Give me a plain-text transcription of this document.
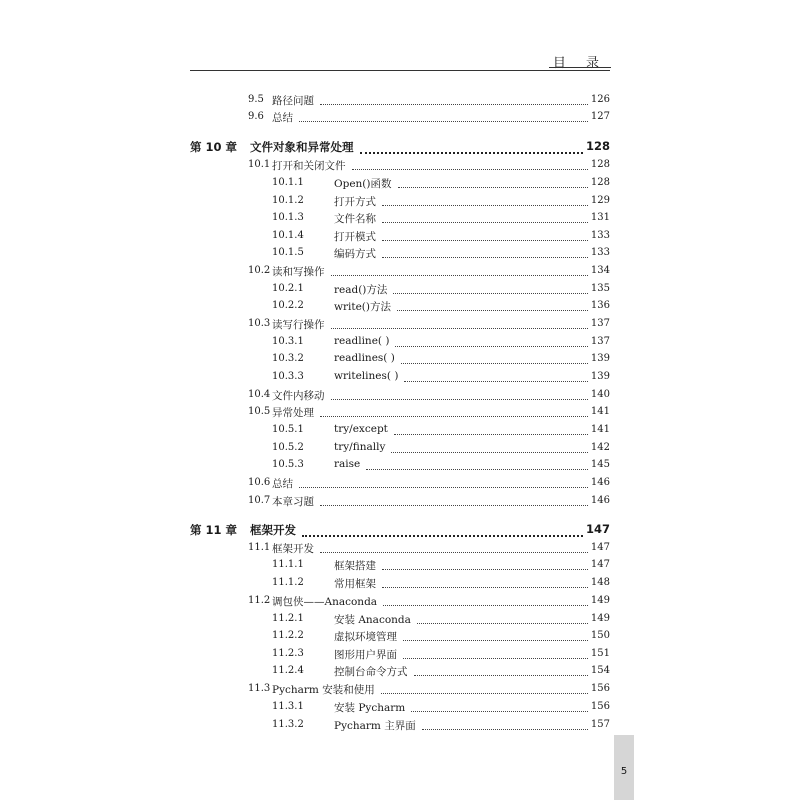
目 录
9.5 路径问题	126
9.6 总结	127
第 10 章 文件对象和异常处理	128
10.1 打开和关闭文件	128
10.1.1	Open()函数	128
10.1.2	打开方式	129
10.1.3	文件名称	131
10.1.4	打开模式	133
10.1.5	编码方式	133
10.2 读和写操作	134
10.2.1	read()方法	135
10.2.2	write()方法	136
10.3 读写行操作	137
10.3.1	readline( )	137
10.3.2	readlines( )	139
10.3.3	writelines( )	139
10.4 文件内移动	140
10.5 异常处理	141
10.5.1	try/except	141
10.5.2	try/finally	142
10.5.3	raise	145
10.6 总结	146
10.7 本章习题	146
第 11 章 框架开发	147
11.1 框架开发	147
11.1.1	框架搭建	147
11.1.2	常用框架	148
11.2 调包侠——Anaconda	149
11.2.1	安装 Anaconda	149
11.2.2	虚拟环境管理	150
11.2.3	图形用户界面	151
11.2.4	控制台命令方式	154
11.3 Pycharm 安装和使用	156
11.3.1	安装 Pycharm	156
11.3.2	Pycharm 主界面	157
5
